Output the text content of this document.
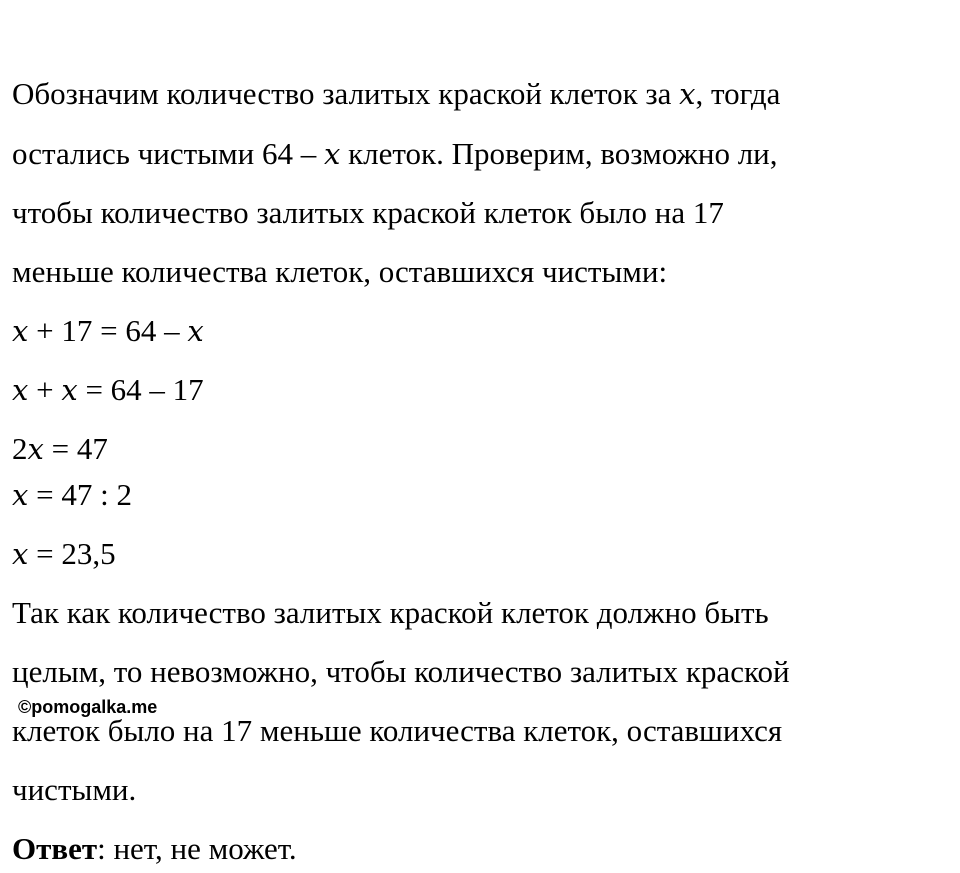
Обозначим количество залитых краской клеток за x, тогда
остались чистыми 64 – x клеток. Проверим, возможно ли,
чтобы количество залитых краской клеток было на 17
меньше количества клеток, оставшихся чистыми:
x + 17 = 64 – x
x + x = 64 – 17
2x = 47
x = 47 : 2
x = 23,5
Так как количество залитых краской клеток должно быть
целым, то невозможно, чтобы количество залитых краской
©pomogalka.me
клеток было на 17 меньше количества клеток, оставшихся
чистыми.
Ответ: нет, не может.
